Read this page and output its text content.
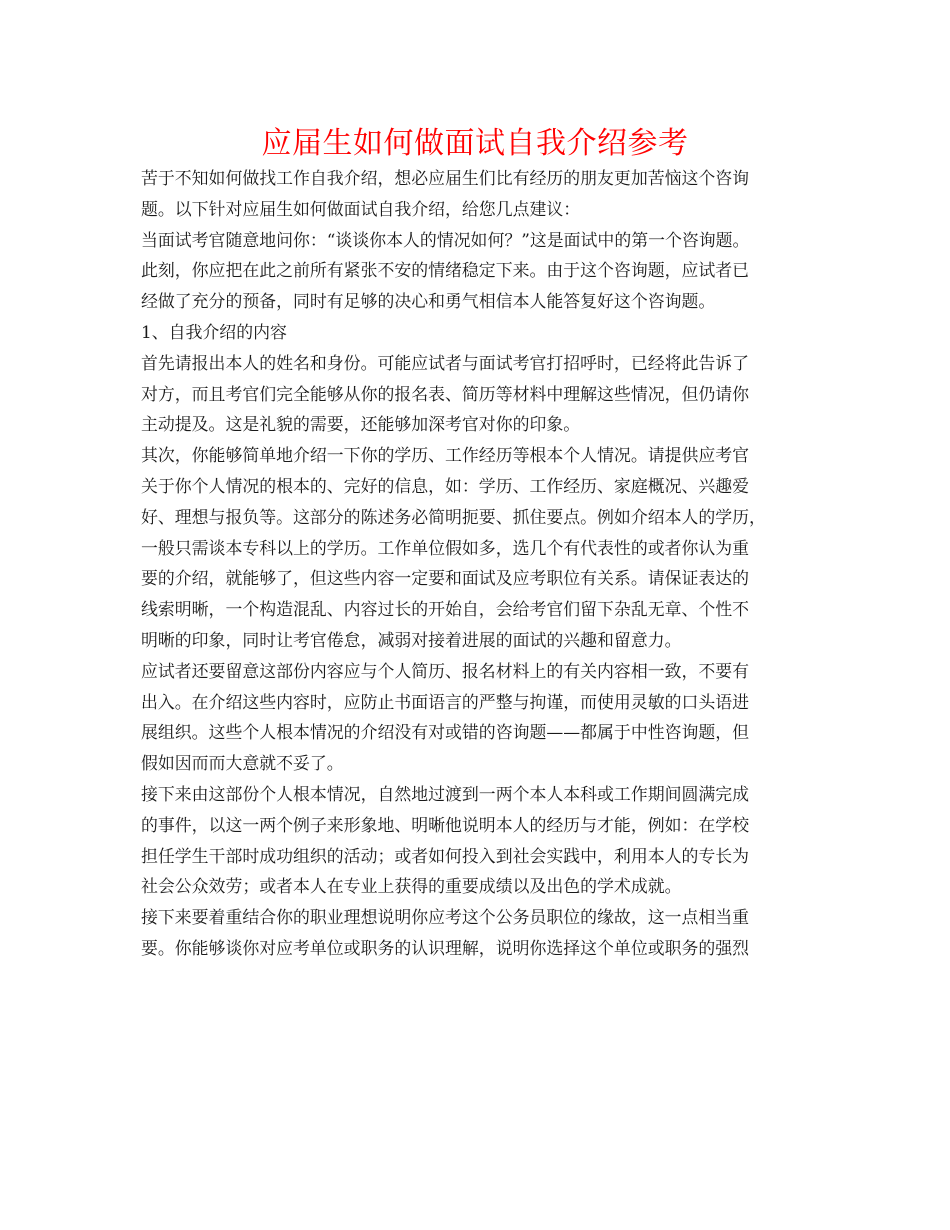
应届生如何做面试自我介绍参考
苦于不知如何做找工作自我介绍，想必应届生们比有经历的朋友更加苦恼这个咨询
题。以下针对应届生如何做面试自我介绍，给您几点建议：
当面试考官随意地问你：“谈谈你本人的情况如何？”这是面试中的第一个咨询题。
此刻，你应把在此之前所有紧张不安的情绪稳定下来。由于这个咨询题，应试者已
经做了充分的预备，同时有足够的决心和勇气相信本人能答复好这个咨询题。
1、自我介绍的内容
首先请报出本人的姓名和身份。可能应试者与面试考官打招呼时，已经将此告诉了
对方，而且考官们完全能够从你的报名表、简历等材料中理解这些情况，但仍请你
主动提及。这是礼貌的需要，还能够加深考官对你的印象。
其次，你能够简单地介绍一下你的学历、工作经历等根本个人情况。请提供应考官
关于你个人情况的根本的、完好的信息，如：学历、工作经历、家庭概况、兴趣爱
好、理想与报负等。这部分的陈述务必简明扼要、抓住要点。例如介绍本人的学历，
一般只需谈本专科以上的学历。工作单位假如多，选几个有代表性的或者你认为重
要的介绍，就能够了，但这些内容一定要和面试及应考职位有关系。请保证表达的
线索明晰，一个构造混乱、内容过长的开始自，会给考官们留下杂乱无章、个性不
明晰的印象，同时让考官倦怠，减弱对接着进展的面试的兴趣和留意力。
应试者还要留意这部份内容应与个人简历、报名材料上的有关内容相一致，不要有
出入。在介绍这些内容时，应防止书面语言的严整与拘谨，而使用灵敏的口头语进
展组织。这些个人根本情况的介绍没有对或错的咨询题——都属于中性咨询题，但
假如因而而大意就不妥了。
接下来由这部份个人根本情况，自然地过渡到一两个本人本科或工作期间圆满完成
的事件，以这一两个例子来形象地、明晰他说明本人的经历与才能，例如：在学校
担任学生干部时成功组织的活动；或者如何投入到社会实践中，利用本人的专长为
社会公众效劳；或者本人在专业上获得的重要成绩以及出色的学术成就。
接下来要着重结合你的职业理想说明你应考这个公务员职位的缘故，这一点相当重
要。你能够谈你对应考单位或职务的认识理解，说明你选择这个单位或职务的强烈
